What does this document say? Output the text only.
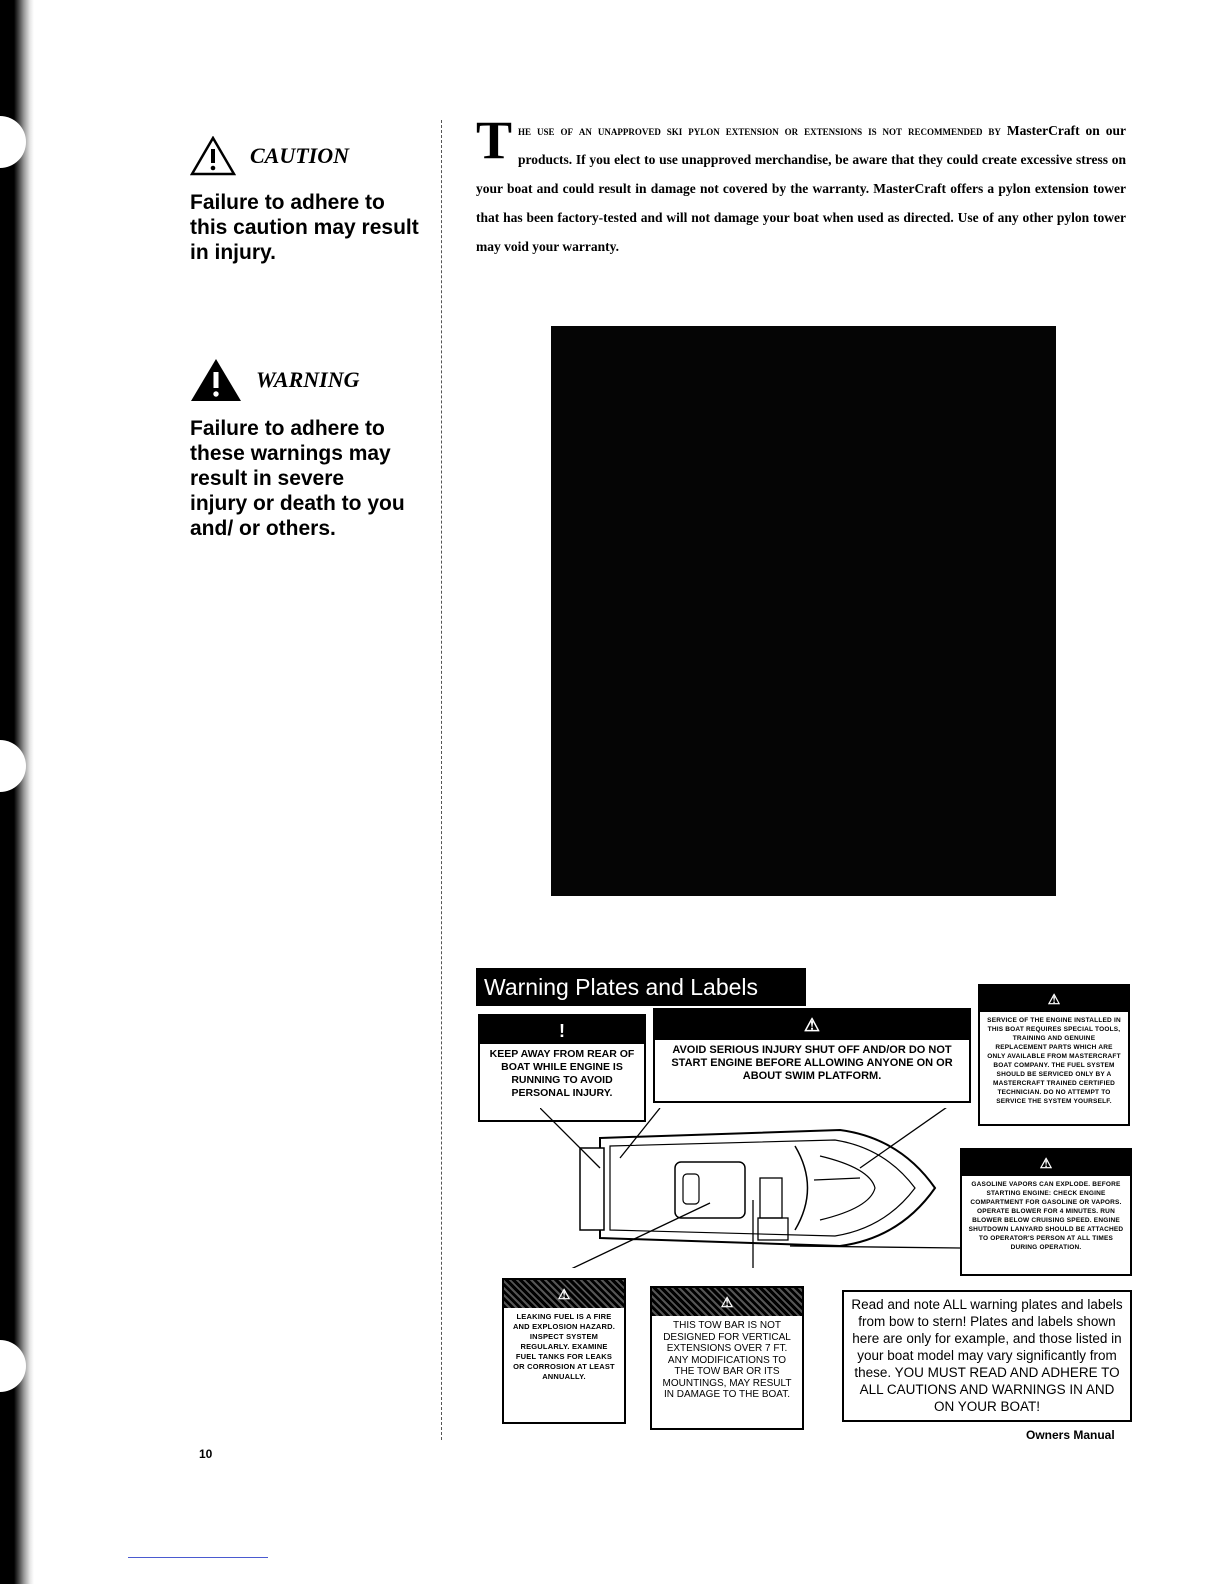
CAUTION
Failure to adhere to this caution may result in injury.
WARNING
Failure to adhere to these warnings may result in severe injury or death to you and/ or others.
T he use of an unapproved ski pylon extension or extensions is not recommended by MasterCraft on our products. If you elect to use unapproved merchandise, be aware that they could create excessive stress on your boat and could result in damage not covered by the warranty. MasterCraft offers a pylon extension tower that has been factory-tested and will not damage your boat when used as directed. Use of any other pylon tower may void your warranty.
Warning Plates and Labels
!
KEEP AWAY FROM REAR OF BOAT WHILE ENGINE IS RUNNING TO AVOID PERSONAL INJURY.
⚠
AVOID SERIOUS INJURY SHUT OFF AND/OR DO NOT START ENGINE BEFORE ALLOWING ANYONE ON OR ABOUT SWIM PLATFORM.
⚠
SERVICE OF THE ENGINE INSTALLED IN THIS BOAT REQUIRES SPECIAL TOOLS, TRAINING AND GENUINE REPLACEMENT PARTS WHICH ARE ONLY AVAILABLE FROM MASTERCRAFT BOAT COMPANY. THE FUEL SYSTEM SHOULD BE SERVICED ONLY BY A MASTERCRAFT TRAINED CERTIFIED TECHNICIAN. DO NO ATTEMPT TO SERVICE THE SYSTEM YOURSELF.
⚠
GASOLINE VAPORS CAN EXPLODE. BEFORE STARTING ENGINE: CHECK ENGINE COMPARTMENT FOR GASOLINE OR VAPORS. OPERATE BLOWER FOR 4 MINUTES. RUN BLOWER BELOW CRUISING SPEED. ENGINE SHUTDOWN LANYARD SHOULD BE ATTACHED TO OPERATOR'S PERSON AT ALL TIMES DURING OPERATION.
⚠
LEAKING FUEL IS A FIRE AND EXPLOSION HAZARD. INSPECT SYSTEM REGULARLY. EXAMINE FUEL TANKS FOR LEAKS OR CORROSION AT LEAST ANNUALLY.
⚠
THIS TOW BAR IS NOT DESIGNED FOR VERTICAL EXTENSIONS OVER 7 FT. ANY MODIFICATIONS TO THE TOW BAR OR ITS MOUNTINGS, MAY RESULT IN DAMAGE TO THE BOAT.
Read and note ALL warning plates and labels from bow to stern! Plates and labels shown here are only for example, and those listed in your boat model may vary significantly from these. YOU MUST READ AND ADHERE TO ALL CAUTIONS AND WARNINGS IN AND ON YOUR BOAT!
Owners Manual
10
